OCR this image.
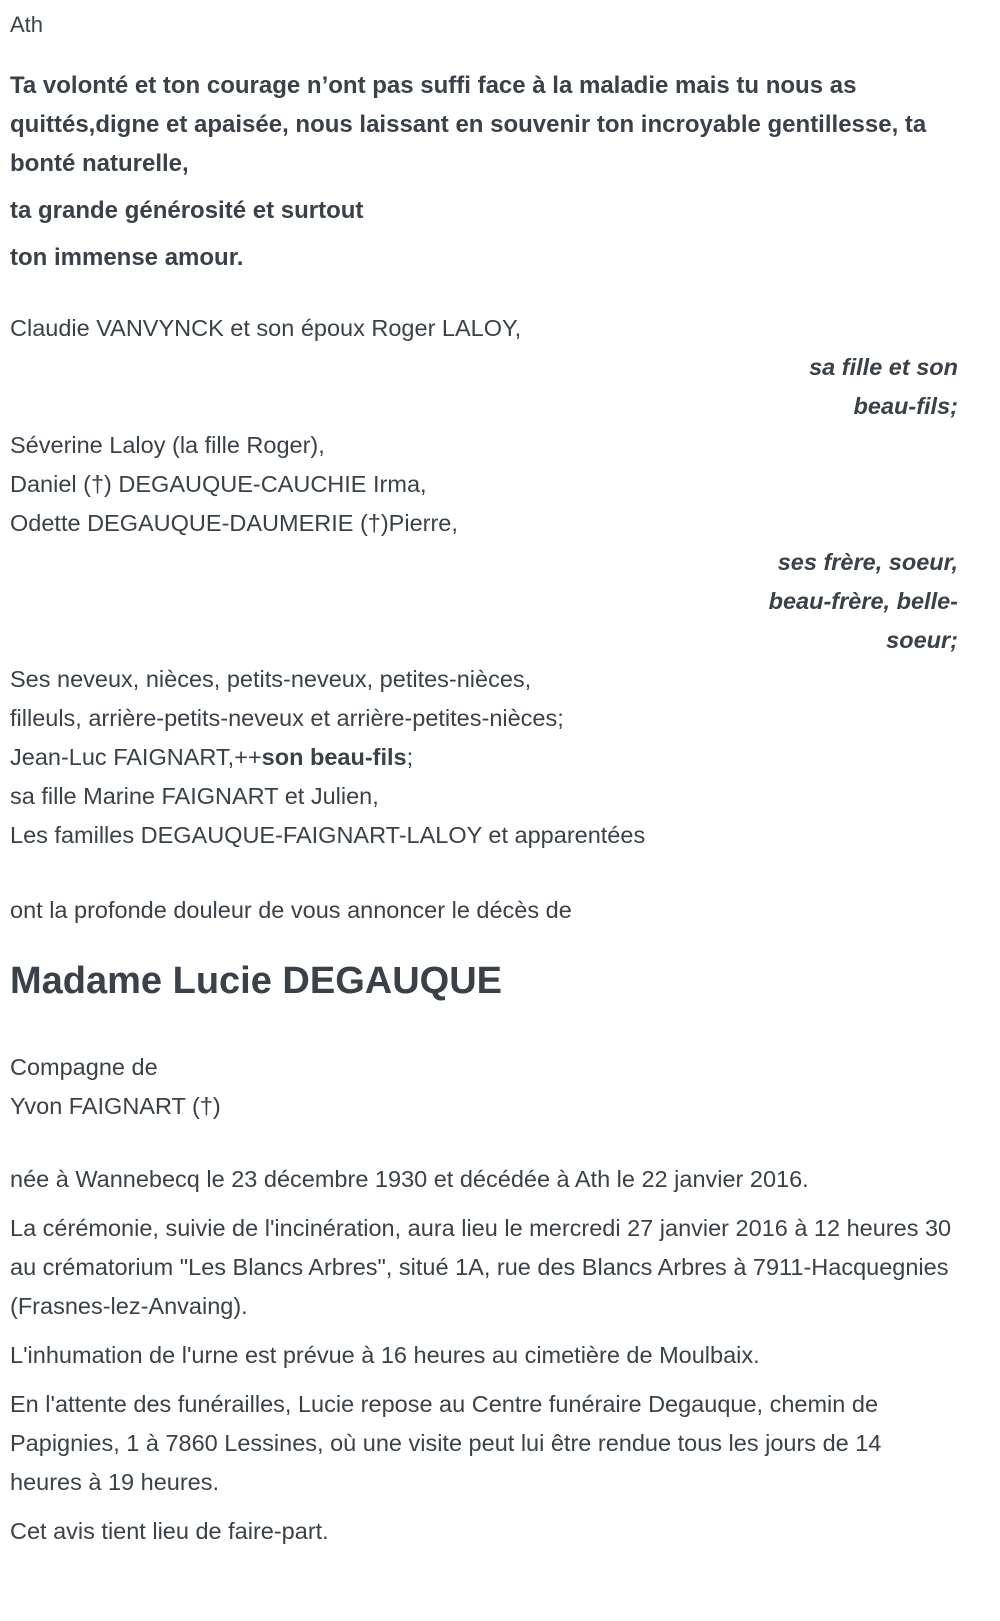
Ath

Ta volonté et ton courage n’ont pas suffi face à la maladie mais tu nous as quittés,digne et apaisée, nous laissant en souvenir ton incroyable gentillesse, ta bonté naturelle,

ta grande générosité et surtout

ton immense amour.

Claudie VANVYNCK et son époux Roger LALOY,

sa fille et son

beau-fils;

Séverine Laloy (la fille Roger),

Daniel (†) DEGAUQUE-CAUCHIE Irma,

Odette DEGAUQUE-DAUMERIE (†)Pierre,

ses frère, soeur,

beau-frère, belle-

soeur;

Ses neveux, nièces, petits-neveux, petites-nièces,

filleuls, arrière-petits-neveux et arrière-petites-nièces;

Jean-Luc FAIGNART,++son beau-fils;

sa fille Marine FAIGNART et Julien,

Les familles DEGAUQUE-FAIGNART-LALOY et apparentées

ont la profonde douleur de vous annoncer le décès de

Madame Lucie DEGAUQUE

Compagne de

Yvon FAIGNART (†)

née à Wannebecq le 23 décembre 1930 et décédée à Ath le 22 janvier 2016.

La cérémonie, suivie de l'incinération, aura lieu le mercredi 27 janvier 2016 à 12 heures 30 au crématorium "Les Blancs Arbres", situé 1A, rue des Blancs Arbres à 7911-Hacquegnies (Frasnes-lez-Anvaing).

L'inhumation de l'urne est prévue à 16 heures au cimetière de Moulbaix.

En l'attente des funérailles, Lucie repose au Centre funéraire Degauque, chemin de Papignies, 1 à 7860 Lessines, où une visite peut lui être rendue tous les jours de 14 heures à 19 heures.

Cet avis tient lieu de faire-part.
